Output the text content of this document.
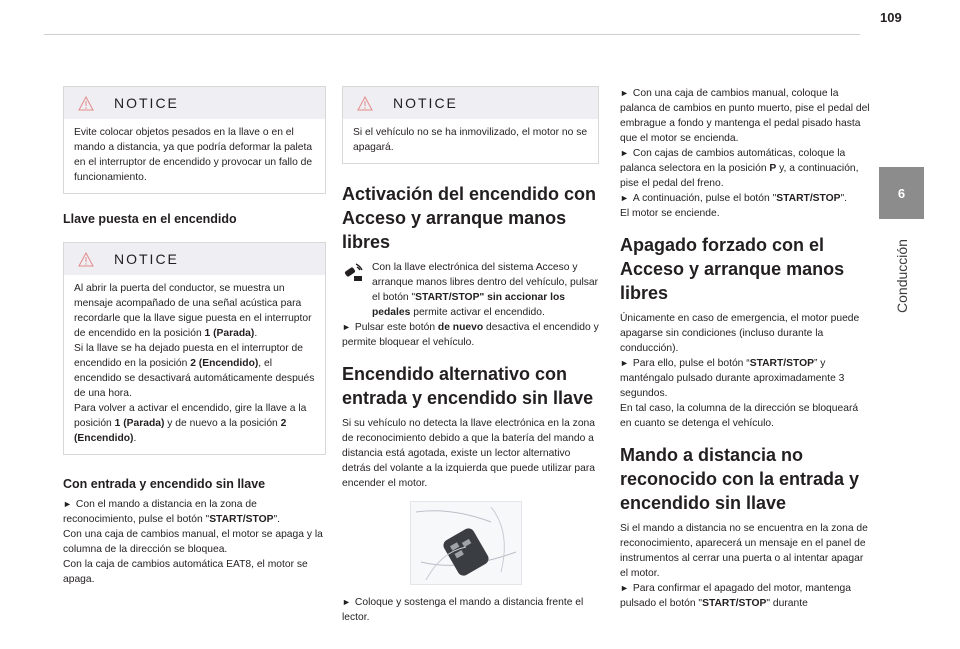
109
6
Conducción
NOTICE
Evite colocar objetos pesados en la llave o en el mando a distancia, ya que podría deformar la paleta en el interruptor de encendido y provocar un fallo de funcionamiento.
Llave puesta en el encendido
NOTICE
Al abrir la puerta del conductor, se muestra un mensaje acompañado de una señal acústica para recordarle que la llave sigue puesta en el interruptor de encendido en la posición 1 (Parada).
Si la llave se ha dejado puesta en el interruptor de encendido en la posición 2 (Encendido), el encendido se desactivará automáticamente después de una hora.
Para volver a activar el encendido, gire la llave a la posición 1 (Parada) y de nuevo a la posición 2 (Encendido).
Con entrada y encendido sin llave

► Con el mando a distancia en la zona de reconocimiento, pulse el botón "START/STOP".

Con una caja de cambios manual, el motor se apaga y la columna de la dirección se bloquea.

Con la caja de cambios automática EAT8, el motor se apaga.

NOTICE
Si el vehículo no se ha inmovilizado, el motor no se apagará.
Activación del encendido con Acceso y arranque manos libres

Con la llave electrónica del sistema Acceso y arranque manos libres dentro del vehículo, pulsar el botón "START/STOP" sin accionar los pedales permite activar el encendido.

► Pulsar este botón de nuevo desactiva el encendido y permite bloquear el vehículo.

Encendido alternativo con entrada y encendido sin llave

Si su vehículo no detecta la llave electrónica en la zona de reconocimiento debido a que la batería del mando a distancia está agotada, existe un lector alternativo detrás del volante a la izquierda que puede utilizar para encender el motor.

► Coloque y sostenga el mando a distancia frente el lector.

► Con una caja de cambios manual, coloque la palanca de cambios en punto muerto, pise el pedal del embrague a fondo y mantenga el pedal pisado hasta que el motor se encienda.

► Con cajas de cambios automáticas, coloque la palanca selectora en la posición P y, a continuación, pise el pedal del freno.

► A continuación, pulse el botón "START/STOP".

El motor se enciende.

Apagado forzado con el Acceso y arranque manos libres

Únicamente en caso de emergencia, el motor puede apagarse sin condiciones (incluso durante la conducción).

► Para ello, pulse el botón “START/STOP” y manténgalo pulsado durante aproximadamente 3 segundos.

En tal caso, la columna de la dirección se bloqueará en cuanto se detenga el vehículo.

Mando a distancia no reconocido con la entrada y encendido sin llave

Si el mando a distancia no se encuentra en la zona de reconocimiento, aparecerá un mensaje en el panel de instrumentos al cerrar una puerta o al intentar apagar el motor.

► Para confirmar el apagado del motor, mantenga pulsado el botón "START/STOP" durante
